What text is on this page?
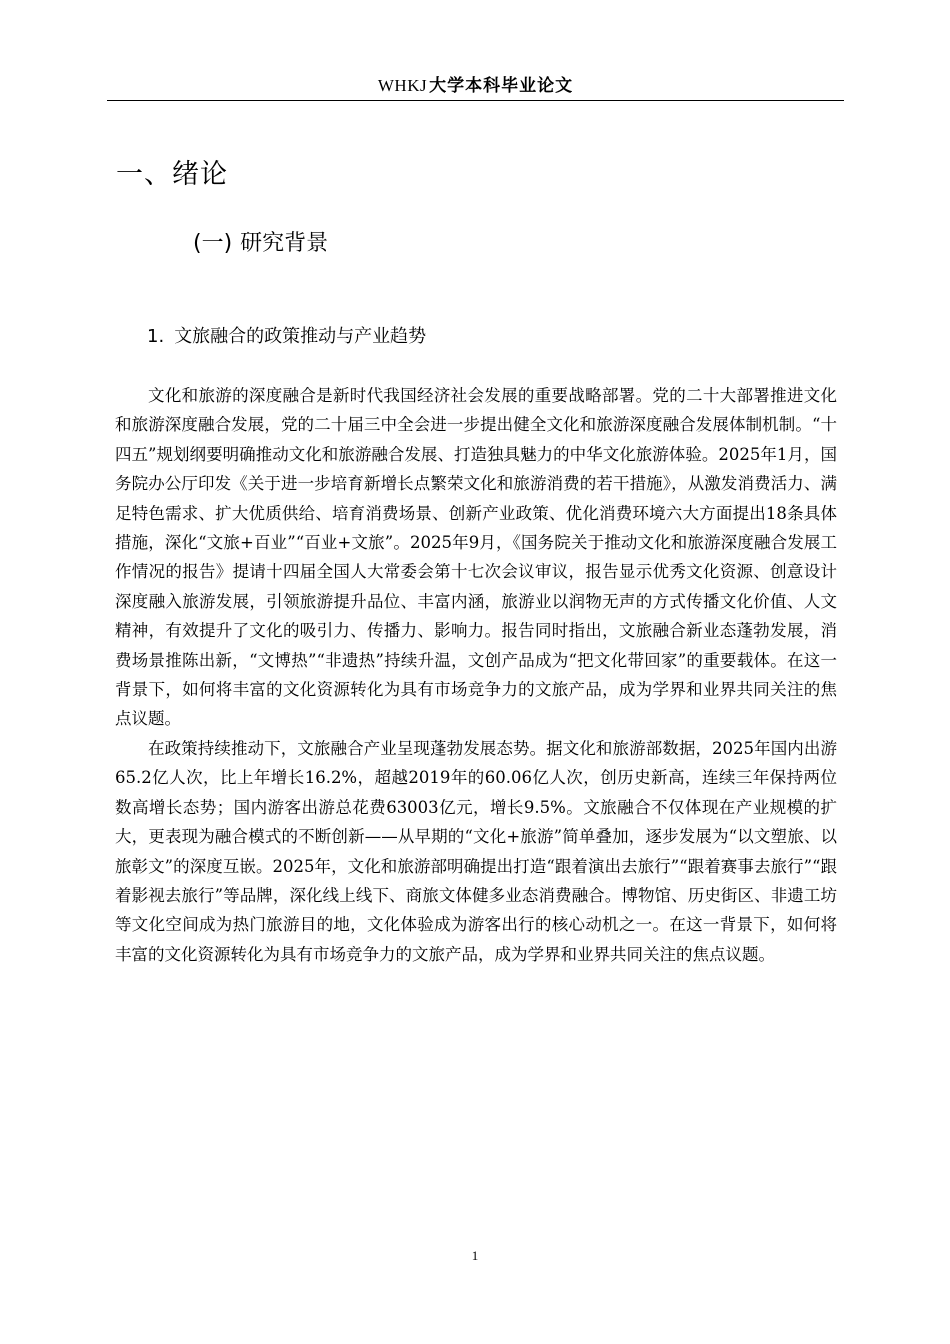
WHKJ 大学本科毕业论文
一、绪论
(一) 研究背景
1. 文旅融合的政策推动与产业趋势

文化和旅游的深度融合是新时代我国经济社会发展的重要战略部署。党的二十大部署推进文化和旅游深度融合发展，党的二十届三中全会进一步提出健全文化和旅游深度融合发展体制机制。“十四五”规划纲要明确推动文化和旅游融合发展、打造独具魅力的中华文化旅游体验。2025年1月，国务院办公厅印发《关于进一步培育新增长点繁荣文化和旅游消费的若干措施》，从激发消费活力、满足特色需求、扩大优质供给、培育消费场景、创新产业政策、优化消费环境六大方面提出18条具体措施，深化“文旅+百业”“百业+文旅”。2025年9月，《国务院关于推动文化和旅游深度融合发展工作情况的报告》提请十四届全国人大常委会第十七次会议审议，报告显示优秀文化资源、创意设计深度融入旅游发展，引领旅游提升品位、丰富内涵，旅游业以润物无声的方式传播文化价值、人文精神，有效提升了文化的吸引力、传播力、影响力。报告同时指出，文旅融合新业态蓬勃发展，消费场景推陈出新，“文博热”“非遗热”持续升温，文创产品成为“把文化带回家”的重要载体。在这一背景下，如何将丰富的文化资源转化为具有市场竞争力的文旅产品，成为学界和业界共同关注的焦点议题。

在政策持续推动下，文旅融合产业呈现蓬勃发展态势。据文化和旅游部数据，2025年国内出游65.2亿人次，比上年增长16.2%，超越2019年的60.06亿人次，创历史新高，连续三年保持两位数高增长态势；国内游客出游总花费63003亿元，增长9.5%。文旅融合不仅体现在产业规模的扩大，更表现为融合模式的不断创新——从早期的“文化+旅游”简单叠加，逐步发展为“以文塑旅、以旅彰文”的深度互嵌。2025年，文化和旅游部明确提出打造“跟着演出去旅行”“跟着赛事去旅行”“跟着影视去旅行”等品牌，深化线上线下、商旅文体健多业态消费融合。博物馆、历史街区、非遗工坊等文化空间成为热门旅游目的地，文化体验成为游客出行的核心动机之一。在这一背景下，如何将丰富的文化资源转化为具有市场竞争力的文旅产品，成为学界和业界共同关注的焦点议题。

1
